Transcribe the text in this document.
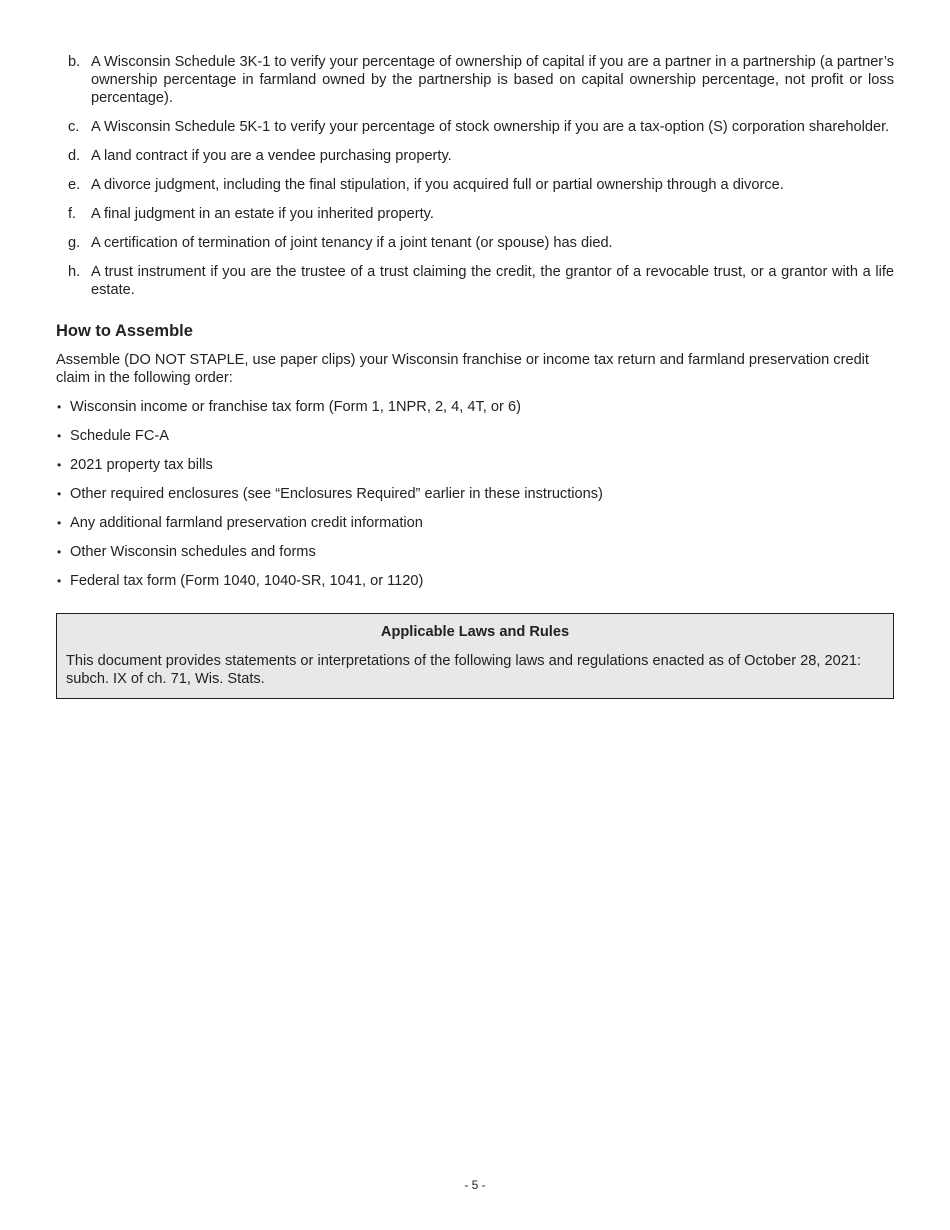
b. A Wisconsin Schedule 3K-1 to verify your percentage of ownership of capital if you are a partner in a partnership (a partner’s ownership percentage in farmland owned by the partnership is based on capital ownership percentage, not profit or loss percentage).
c. A Wisconsin Schedule 5K-1 to verify your percentage of stock ownership if you are a tax-option (S) corporation shareholder.
d. A land contract if you are a vendee purchasing property.
e. A divorce judgment, including the final stipulation, if you acquired full or partial ownership through a divorce.
f.	A final judgment in an estate if you inherited property.
g. A certification of termination of joint tenancy if a joint tenant (or spouse) has died.
h. A trust instrument if you are the trustee of a trust claiming the credit, the grantor of a revocable trust, or a grantor with a life estate.
How to Assemble

Assemble (DO NOT STAPLE, use paper clips) your Wisconsin franchise or income tax return and farmland preservation credit claim in the following order:

• Wisconsin income or franchise tax form (Form 1, 1NPR, 2, 4, 4T, or 6)
• Schedule FC-A
• 2021 property tax bills
• Other required enclosures (see “Enclosures Required” earlier in these instructions)
• Any additional farmland preservation credit information
• Other Wisconsin schedules and forms
• Federal tax form (Form 1040, 1040-SR, 1041, or 1120)
Applicable Laws and Rules
This document provides statements or interpretations of the following laws and regulations enacted as of October 28, 2021: subch. IX of ch. 71, Wis. Stats.
- 5 -
